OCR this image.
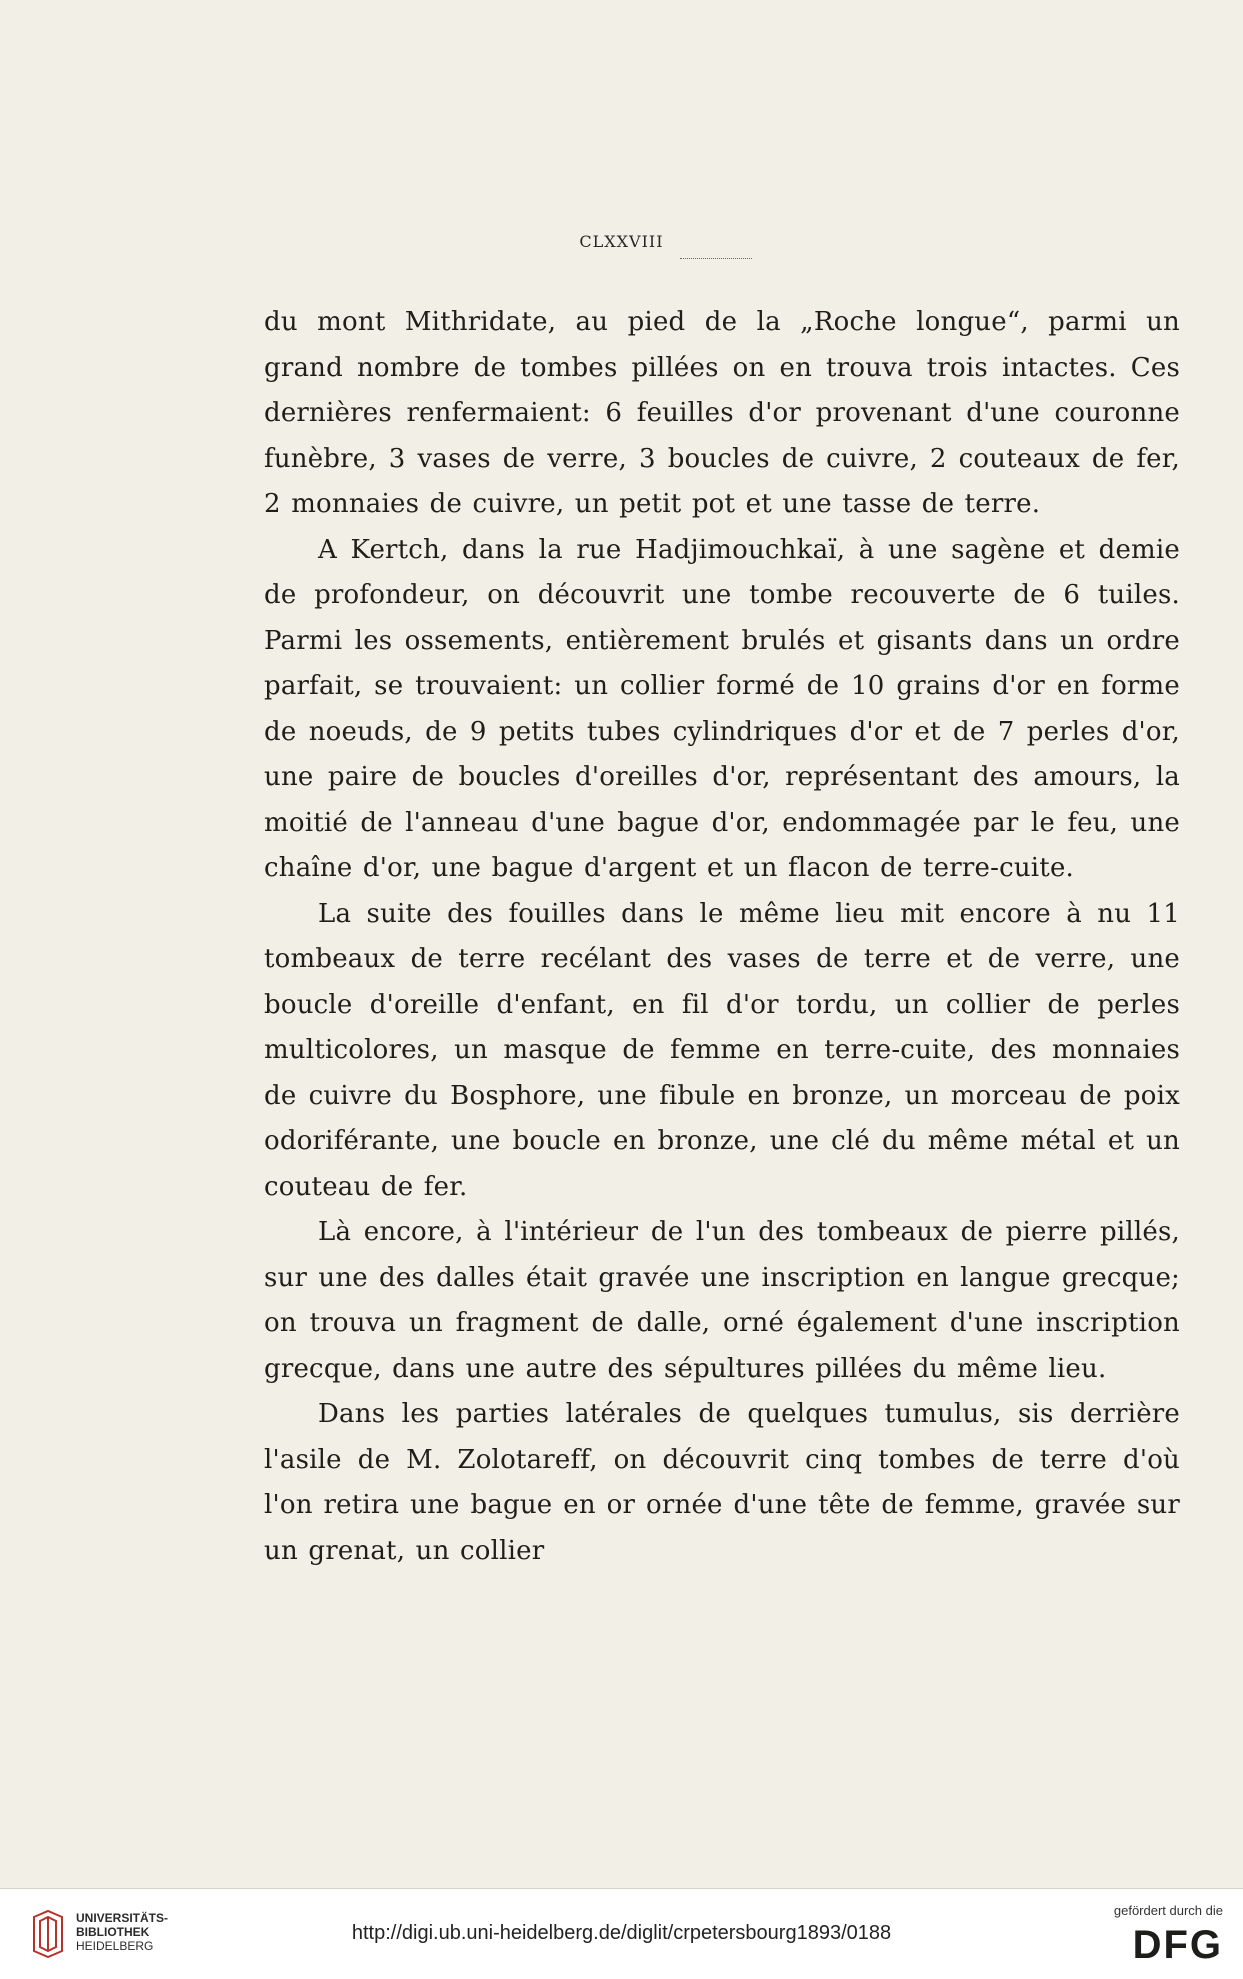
CLXXVIII

du mont Mithridate, au pied de la „Roche longue“, parmi un grand nombre de tombes pillées on en trouva trois intactes. Ces dernières renfermaient: 6 feuilles d'or provenant d'une couronne funèbre, 3 vases de verre, 3 boucles de cuivre, 2 couteaux de fer, 2 monnaies de cuivre, un petit pot et une tasse de terre.

A Kertch, dans la rue Hadjimouchkaï, à une sagène et demie de profondeur, on découvrit une tombe recouverte de 6 tuiles. Parmi les ossements, entièrement brulés et gisants dans un ordre parfait, se trouvaient: un collier formé de 10 grains d'or en forme de noeuds, de 9 petits tubes cylindriques d'or et de 7 perles d'or, une paire de boucles d'oreilles d'or, représentant des amours, la moitié de l'anneau d'une bague d'or, endommagée par le feu, une chaîne d'or, une bague d'argent et un flacon de terre-cuite.

La suite des fouilles dans le même lieu mit encore à nu 11 tombeaux de terre recélant des vases de terre et de verre, une boucle d'oreille d'enfant, en fil d'or tordu, un collier de perles multicolores, un masque de femme en terre-cuite, des monnaies de cuivre du Bosphore, une fibule en bronze, un morceau de poix odoriférante, une boucle en bronze, une clé du même métal et un couteau de fer.

Là encore, à l'intérieur de l'un des tombeaux de pierre pillés, sur une des dalles était gravée une inscription en langue grecque; on trouva un fragment de dalle, orné également d'une inscription grecque, dans une autre des sépultures pillées du même lieu.

Dans les parties latérales de quelques tumulus, sis derrière l'asile de M. Zolotareff, on découvrit cinq tombes de terre d'où l'on retira une bague en or ornée d'une tête de femme, gravée sur un grenat, un collier

UNIVERSITÄTS-
BIBLIOTHEK
HEIDELBERG
http://digi.ub.uni-heidelberg.de/diglit/crpetersbourg1893/0188
gefördert durch die
DFG
